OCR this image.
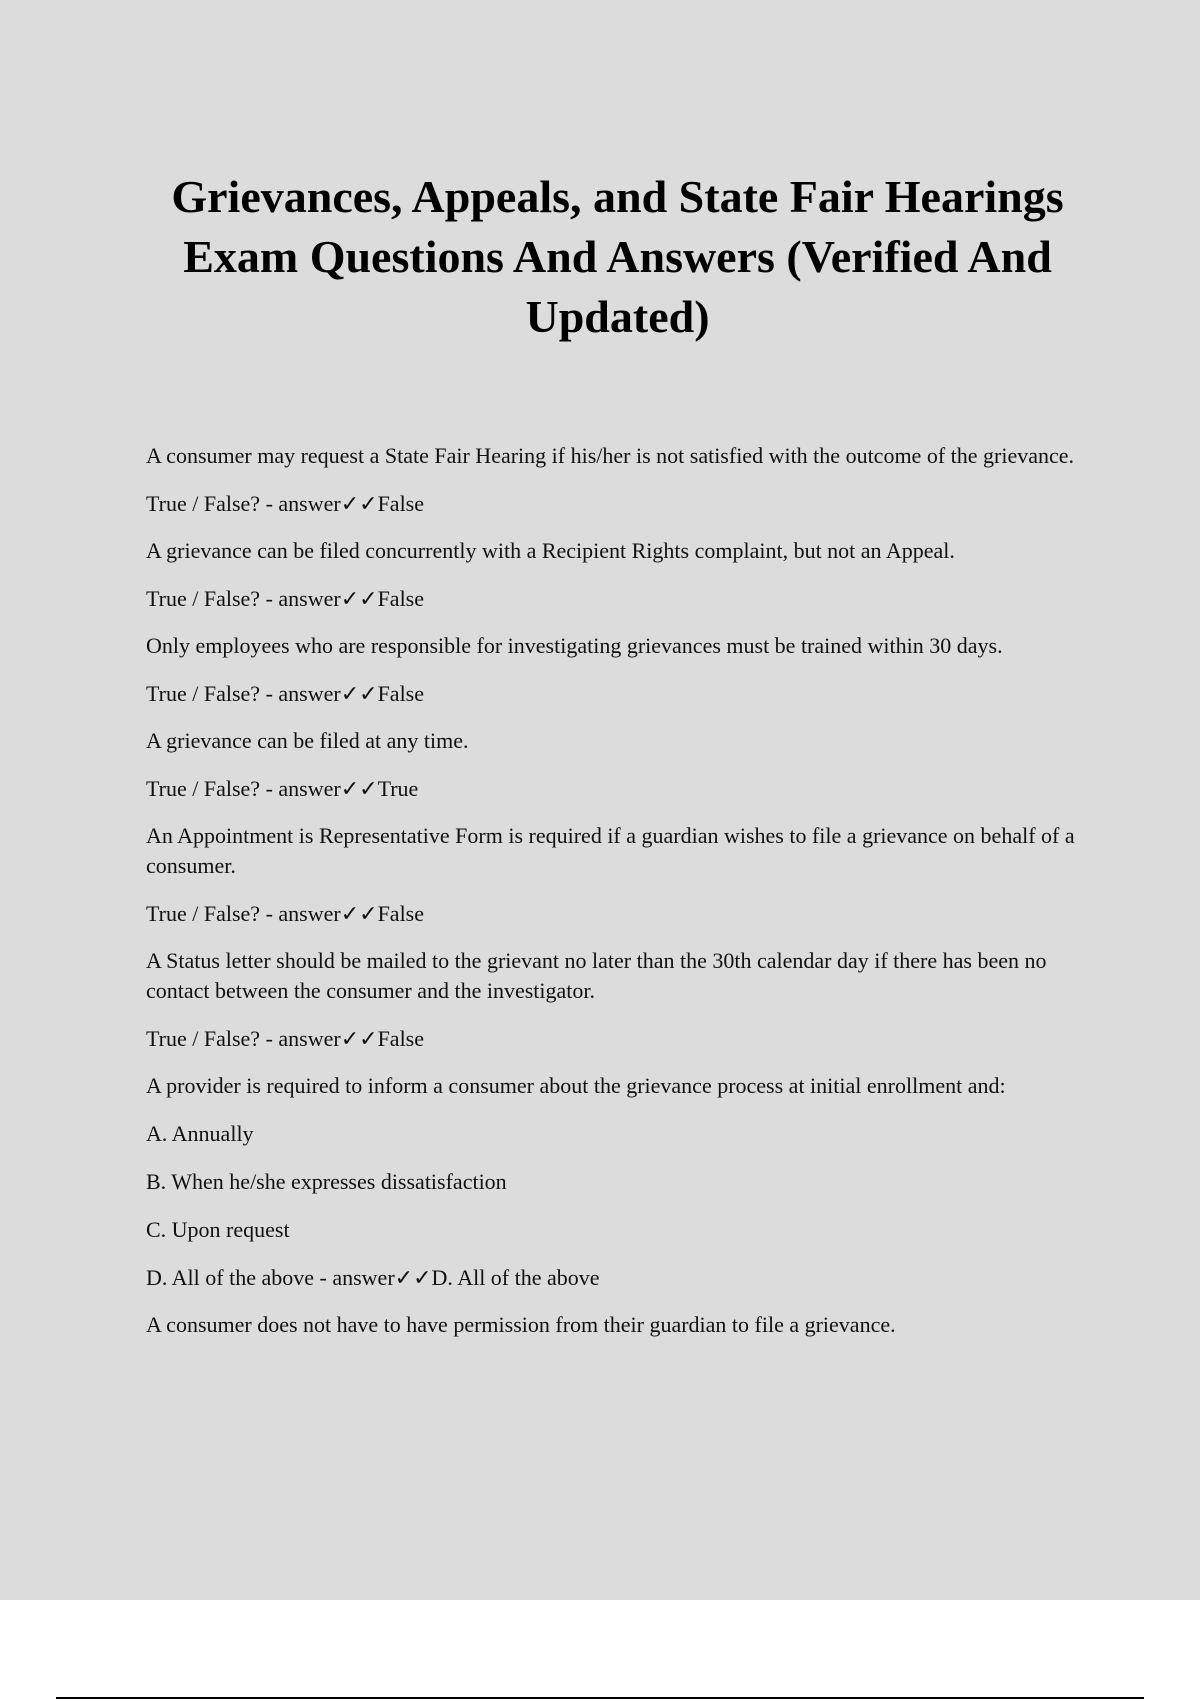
Grievances, Appeals, and State Fair Hearings Exam Questions And Answers (Verified And Updated)

A consumer may request a State Fair Hearing if his/her is not satisfied with the outcome of the grievance.

True / False? - answer✓✓False

A grievance can be filed concurrently with a Recipient Rights complaint, but not an Appeal.

True / False? - answer✓✓False

Only employees who are responsible for investigating grievances must be trained within 30 days.

True / False? - answer✓✓False

A grievance can be filed at any time.

True / False? - answer✓✓True

An Appointment is Representative Form is required if a guardian wishes to file a grievance on behalf of a consumer.

True / False? - answer✓✓False

A Status letter should be mailed to the grievant no later than the 30th calendar day if there has been no contact between the consumer and the investigator.

True / False? - answer✓✓False

A provider is required to inform a consumer about the grievance process at initial enrollment and:

A. Annually

B. When he/she expresses dissatisfaction

C. Upon request

D. All of the above - answer✓✓D. All of the above

A consumer does not have to have permission from their guardian to file a grievance.
